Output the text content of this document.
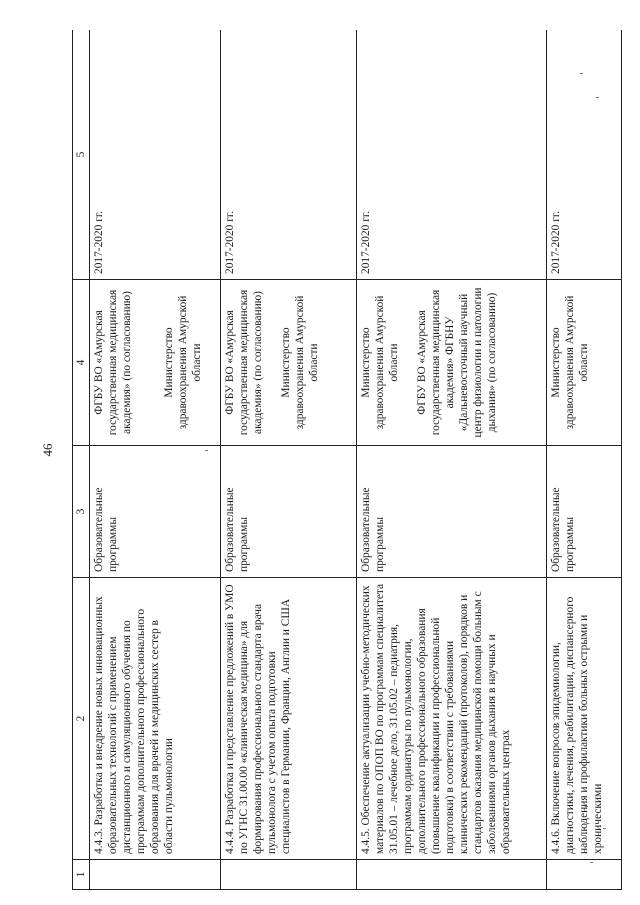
46
1	2	3	4	5
	4.4.3. Разработка и внедрение новых инновационных образовательных технологий с применением дистанционного и симуляционного обучения по программам дополнительного профессионального образования для врачей и медицинских сестер в области пульмонологии	Образовательные программы	ФГБУ ВО «Амурская государственная медицинская академия» (по согласованию) Министерство здравоохранения Амурской области	2017-2020 гг.
	4.4.4. Разработка и представление предложений в УМО по УГНС 31.00.00 «клиническая медицина» для формирования профессионального стандарта врача пульмонолога с учетом опыта подготовки специалистов в Германии, Франции, Англии и США	Образовательные программы	ФГБУ ВО «Амурская государственная медицинская академия» (по согласованию) Министерство здравоохранения Амурской области	2017-2020 гг.
	4.4.5. Обеспечение актуализации учебно-методических материалов по ОПОП ВО по программам специалитета 31.05.01 – лечебное дело, 31.05.02 – педиатрия, программам ординатуры по пульмонологии, дополнительного профессионального образования (повышение квалификации и профессиональной подготовки) в соответствии с требованиями клинических рекомендаций (протоколов), порядков и стандартов оказания медицинской помощи больным с заболеваниями органов дыхания в научных и образовательных центрах	Образовательные программы	Министерство здравоохранения Амурской области ФГБУ ВО «Амурская государственная медицинская академия» ФГБНУ «Дальневосточный научный центр физиологии и патологии дыхания» (по согласованию)	2017-2020 гг.
	4.4.6. Включение вопросов эпидемиологии, диагностики, лечения, реабилитации, диспансерного наблюдения и профилактики больных острыми и хроническими	Образовательные программы	Министерство здравоохранения Амурской области	2017-2020 гг.
